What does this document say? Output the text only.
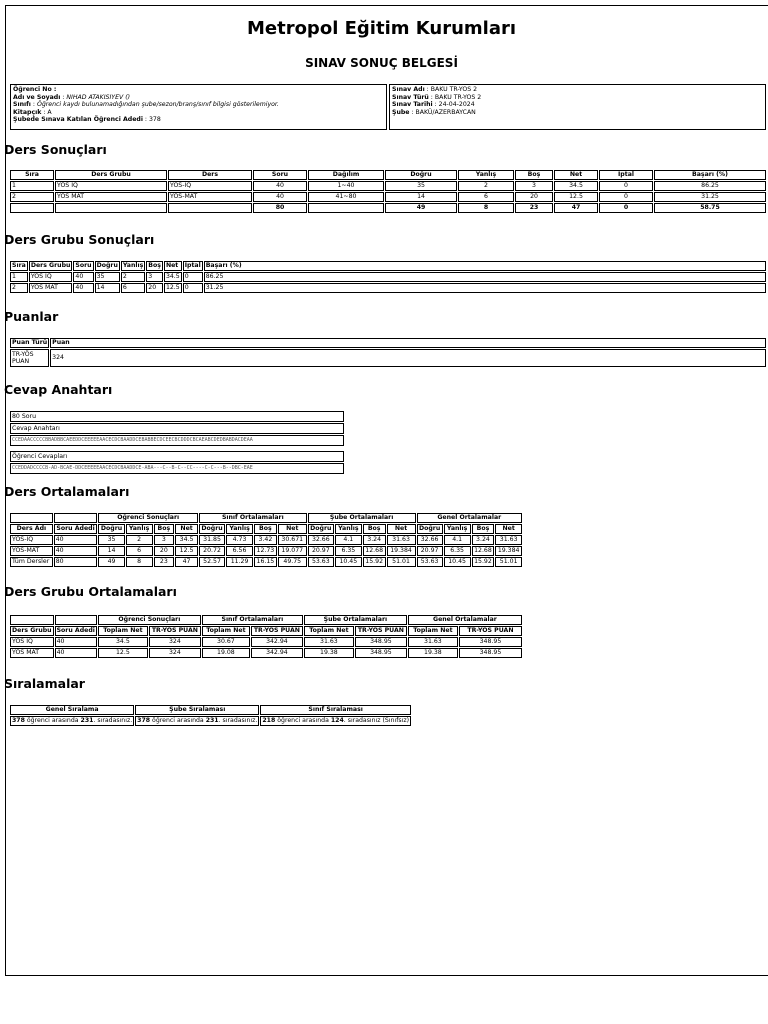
Metropol Eğitim Kurumları
SINAV SONUÇ BELGESİ
Öğrenci No :
Adı ve Soyadı : NIHAD ATAKISIYEV ()
Sınıfı : Öğrenci kaydı bulunamadığından şube/sezon/branş/sınıf bilgisi gösterilemiyor.
Kitapçık : A
Şubede Sınava Katılan Öğrenci Adedi : 378
Sınav Adı : BAKU TR-YOS 2
Sınav Türü : BAKU TR-YOS 2
Sınav Tarihi : 24-04-2024
Şube : BAKÜ/AZERBAYCAN
Ders Sonuçları
Sıra	Ders Grubu	Ders	Soru	Dağılım	Doğru	Yanlış	Boş	Net	İptal	Başarı (%)
1	YÖS IQ	YÖS-IQ	40	1~40	35	2	3	34.5	0	86.25
2	YÖS MAT	YÖS-MAT	40	41~80	14	6	20	12.5	0	31.25
			80		49	8	23	47	0	58.75
Ders Grubu Sonuçları
Sıra	Ders Grubu	Soru	Doğru	Yanlış	Boş	Net	İptal	Başarı (%)
1	YÖS IQ	40	35	2	3	34.5	0	86.25
2	YÖS MAT	40	14	6	20	12.5	0	31.25
Puanlar
Puan Türü	Puan
TR-YÖS PUAN	324
Cevap Anahtarı
80 Soru
Cevap Anahtarı
CCEDAACCCCCBBADBBCAEEDDCEEEEEAACECDCBAADDCEBABBECDCEECBCDDDCBCAEABCDEDBABDACDEAA

Öğrenci Cevapları
CCEDDADCCCCB-AD-BCAE-DDCEEEEEAACECDCBAADDCE-ABA---C--B-C--CC----C-C---B--DBC-EAE
Ders Ortalamaları
		Öğrenci Sonuçları				Sınıf Ortalamaları				Şube Ortalamaları				Genel Ortalamalar			
Ders Adı	Soru Adedi	Doğru	Yanlış	Boş	Net	Doğru	Yanlış	Boş	Net	Doğru	Yanlış	Boş	Net	Doğru	Yanlış	Boş	Net
YÖS-IQ	40	35	2	3	34.5	31.85	4.73	3.42	30.671	32.66	4.1	3.24	31.63	32.66	4.1	3.24	31.63
YÖS-MAT	40	14	6	20	12.5	20.72	6.56	12.73	19.077	20.97	6.35	12.68	19.384	20.97	6.35	12.68	19.384
Tüm Dersler	80	49	8	23	47	52.57	11.29	16.15	49.75	53.63	10.45	15.92	51.01	53.63	10.45	15.92	51.01
Ders Grubu Ortalamaları
		Öğrenci Sonuçları		Sınıf Ortalamaları		Şube Ortalamaları		Genel Ortalamalar	
Ders Grubu	Soru Adedi	Toplam Net	TR-YÖS PUAN	Toplam Net	TR-YÖS PUAN	Toplam Net	TR-YÖS PUAN	Toplam Net	TR-YÖS PUAN
YÖS IQ	40	34.5	324	30.67	342.94	31.63	348.95	31.63	348.95
YÖS MAT	40	12.5	324	19.08	342.94	19.38	348.95	19.38	348.95
Sıralamalar
Genel Sıralama	Şube Sıralaması	Sınıf Sıralaması
378 öğrenci arasında 231. sıradasınız.	378 öğrenci arasında 231. sıradasınız.	218 öğrenci arasında 124. sıradasınız (Sınıfsız)
